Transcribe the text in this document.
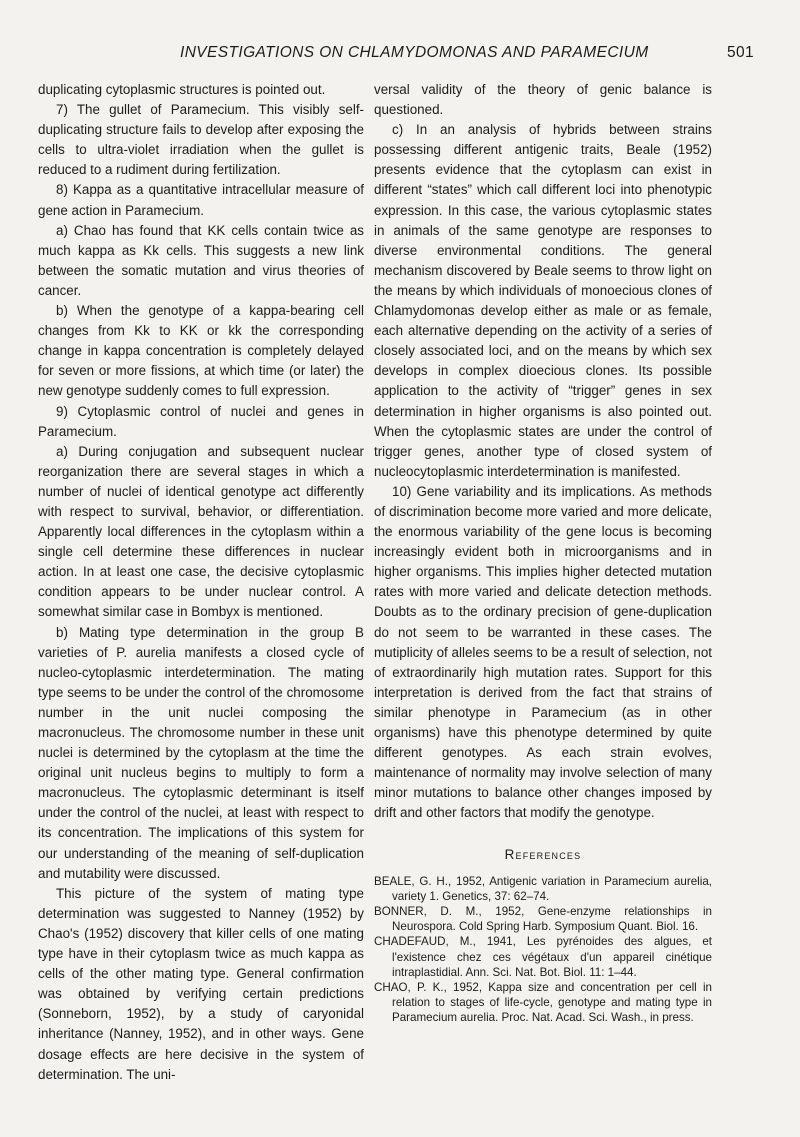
INVESTIGATIONS ON CHLAMYDOMONAS AND PARAMECIUM	501

duplicating cytoplasmic structures is pointed out.

7) The gullet of Paramecium. This visibly self-duplicating structure fails to develop after exposing the cells to ultra-violet irradiation when the gullet is reduced to a rudiment during fertilization.

8) Kappa as a quantitative intracellular measure of gene action in Paramecium.

a) Chao has found that KK cells contain twice as much kappa as Kk cells. This suggests a new link between the somatic mutation and virus theories of cancer.

b) When the genotype of a kappa-bearing cell changes from Kk to KK or kk the corresponding change in kappa concentration is completely delayed for seven or more fissions, at which time (or later) the new genotype suddenly comes to full expression.

9) Cytoplasmic control of nuclei and genes in Paramecium.

a) During conjugation and subsequent nuclear reorganization there are several stages in which a number of nuclei of identical genotype act differently with respect to survival, behavior, or differentiation. Apparently local differences in the cytoplasm within a single cell determine these differences in nuclear action. In at least one case, the decisive cytoplasmic condition appears to be under nuclear control. A somewhat similar case in Bombyx is mentioned.

b) Mating type determination in the group B varieties of P. aurelia manifests a closed cycle of nucleo-cytoplasmic interdetermination. The mating type seems to be under the control of the chromosome number in the unit nuclei composing the macronucleus. The chromosome number in these unit nuclei is determined by the cytoplasm at the time the original unit nucleus begins to multiply to form a macronucleus. The cytoplasmic determinant is itself under the control of the nuclei, at least with respect to its concentration. The implications of this system for our understanding of the meaning of self-duplication and mutability were discussed.

This picture of the system of mating type determination was suggested to Nanney (1952) by Chao's (1952) discovery that killer cells of one mating type have in their cytoplasm twice as much kappa as cells of the other mating type. General confirmation was obtained by verifying certain predictions (Sonneborn, 1952), by a study of caryonidal inheritance (Nanney, 1952), and in other ways. Gene dosage effects are here decisive in the system of determination. The uni-

versal validity of the theory of genic balance is questioned.

c) In an analysis of hybrids between strains possessing different antigenic traits, Beale (1952) presents evidence that the cytoplasm can exist in different “states” which call different loci into phenotypic expression. In this case, the various cytoplasmic states in animals of the same genotype are responses to diverse environmental conditions. The general mechanism discovered by Beale seems to throw light on the means by which individuals of monoecious clones of Chlamydomonas develop either as male or as female, each alternative depending on the activity of a series of closely associated loci, and on the means by which sex develops in complex dioecious clones. Its possible application to the activity of “trigger” genes in sex determination in higher organisms is also pointed out. When the cytoplasmic states are under the control of trigger genes, another type of closed system of nucleocytoplasmic interdetermination is manifested.

10) Gene variability and its implications. As methods of discrimination become more varied and more delicate, the enormous variability of the gene locus is becoming increasingly evident both in microorganisms and in higher organisms. This implies higher detected mutation rates with more varied and delicate detection methods. Doubts as to the ordinary precision of gene-duplication do not seem to be warranted in these cases. The mutiplicity of alleles seems to be a result of selection, not of extraordinarily high mutation rates. Support for this interpretation is derived from the fact that strains of similar phenotype in Paramecium (as in other organisms) have this phenotype determined by quite different genotypes. As each strain evolves, maintenance of normality may involve selection of many minor mutations to balance other changes imposed by drift and other factors that modify the genotype.

References

BEALE, G. H., 1952, Antigenic variation in Paramecium aurelia, variety 1. Genetics, 37: 62–74.

BONNER, D. M., 1952, Gene-enzyme relationships in Neurospora. Cold Spring Harb. Symposium Quant. Biol. 16.

CHADEFAUD, M., 1941, Les pyrénoides des algues, et l'existence chez ces végétaux d'un appareil cinétique intraplastidial. Ann. Sci. Nat. Bot. Biol. 11: 1–44.

CHAO, P. K., 1952, Kappa size and concentration per cell in relation to stages of life-cycle, genotype and mating type in Paramecium aurelia. Proc. Nat. Acad. Sci. Wash., in press.
